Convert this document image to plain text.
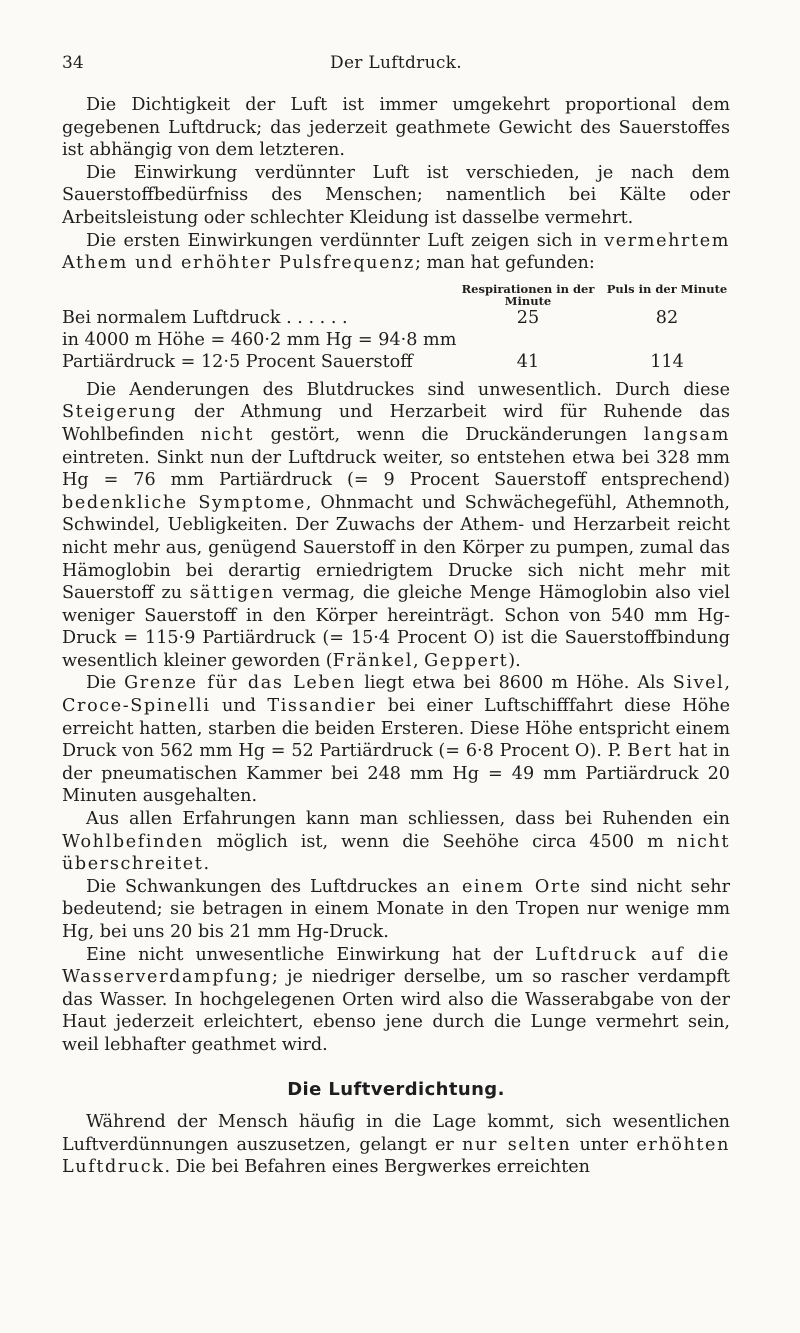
34	Der Luftdruck.

Die Dichtigkeit der Luft ist immer umgekehrt proportional dem gegebenen Luftdruck; das jederzeit geathmete Gewicht des Sauerstoffes ist abhängig von dem letzteren.

Die Einwirkung verdünnter Luft ist verschieden, je nach dem Sauerstoffbedürfniss des Menschen; namentlich bei Kälte oder Arbeitsleistung oder schlechter Kleidung ist dasselbe vermehrt.

Die ersten Einwirkungen verdünnter Luft zeigen sich in vermehrtem Athem und erhöhter Pulsfrequenz; man hat gefunden:

Respirationen in der Minute
Puls in der Minute
Bei normalem Luftdruck . . . . . .	25	82
in 4000 m Höhe = 460·2 mm Hg = 94·8 mm
Partiärdruck = 12·5 Procent Sauerstoff	41	114

Die Aenderungen des Blutdruckes sind unwesentlich. Durch diese Steigerung der Athmung und Herzarbeit wird für Ruhende das Wohlbefinden nicht gestört, wenn die Druckänderungen langsam eintreten. Sinkt nun der Luftdruck weiter, so entstehen etwa bei 328 mm Hg = 76 mm Partiärdruck (= 9 Procent Sauerstoff entsprechend) bedenkliche Symptome, Ohnmacht und Schwächegefühl, Athemnoth, Schwindel, Uebligkeiten. Der Zuwachs der Athem- und Herzarbeit reicht nicht mehr aus, genügend Sauerstoff in den Körper zu pumpen, zumal das Hämoglobin bei derartig erniedrigtem Drucke sich nicht mehr mit Sauerstoff zu sättigen vermag, die gleiche Menge Hämoglobin also viel weniger Sauerstoff in den Körper hereinträgt. Schon von 540 mm Hg-Druck = 115·9 Partiärdruck (= 15·4 Procent O) ist die Sauerstoffbindung wesentlich kleiner geworden (Fränkel, Geppert).

Die Grenze für das Leben liegt etwa bei 8600 m Höhe. Als Sivel, Croce-Spinelli und Tissandier bei einer Luftschifffahrt diese Höhe erreicht hatten, starben die beiden Ersteren. Diese Höhe entspricht einem Druck von 562 mm Hg = 52 Partiärdruck (= 6·8 Procent O). P. Bert hat in der pneumatischen Kammer bei 248 mm Hg = 49 mm Partiärdruck 20 Minuten ausgehalten.

Aus allen Erfahrungen kann man schliessen, dass bei Ruhenden ein Wohlbefinden möglich ist, wenn die Seehöhe circa 4500 m nicht überschreitet.

Die Schwankungen des Luftdruckes an einem Orte sind nicht sehr bedeutend; sie betragen in einem Monate in den Tropen nur wenige mm Hg, bei uns 20 bis 21 mm Hg-Druck.

Eine nicht unwesentliche Einwirkung hat der Luftdruck auf die Wasserverdampfung; je niedriger derselbe, um so rascher verdampft das Wasser. In hochgelegenen Orten wird also die Wasserabgabe von der Haut jederzeit erleichtert, ebenso jene durch die Lunge vermehrt sein, weil lebhafter geathmet wird.

Die Luftverdichtung.

Während der Mensch häufig in die Lage kommt, sich wesentlichen Luftverdünnungen auszusetzen, gelangt er nur selten unter erhöhten Luftdruck. Die bei Befahren eines Bergwerkes erreichten
